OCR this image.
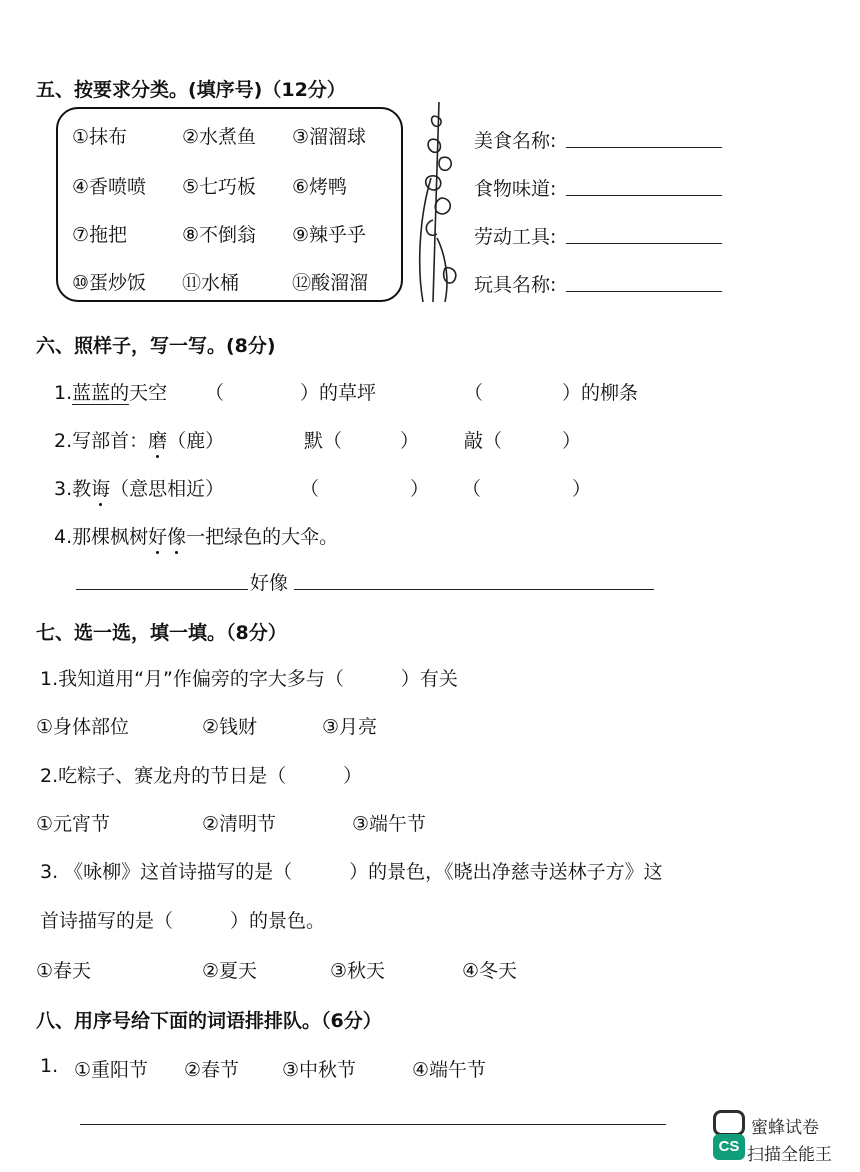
五、按要求分类。(填序号)（12分）
①抹布	②水煮鱼 ③溜溜球
④香喷喷 ⑤七巧板 ⑥烤鸭
⑦拖把	⑧不倒翁 ⑨辣乎乎
⑩蛋炒饭 ⑪水桶	⑫酸溜溜
美食名称:
食物味道:
劳动工具:
玩具名称:
六、照样子，写一写。(8分)
1.蓝蓝的天空 （	）的草坪	（	）的柳条
2.写部首：磨（鹿）	默（	） 敲（	）
3.教诲（意思相近）	（	） （	）
4.那棵枫树好像一把绿色的大伞。
好像
七、选一选，填一填。（8分）
1.我知道用“月”作偏旁的字大多与（　　　）有关
①身体部位	②钱财	③月亮
2.吃粽子、赛龙舟的节日是（　　　）
①元宵节	②清明节	③端午节
3. 《咏柳》这首诗描写的是（　　　）的景色，《晓出净慈寺送林子方》这
首诗描写的是（　　　）的景色。
①春天	②夏天	③秋天	④冬天
八、用序号给下面的词语排排队。（6分）
1. ①重阳节 ②春节 ③中秋节	④端午节
CS
蜜蜂试卷
扫描全能王
